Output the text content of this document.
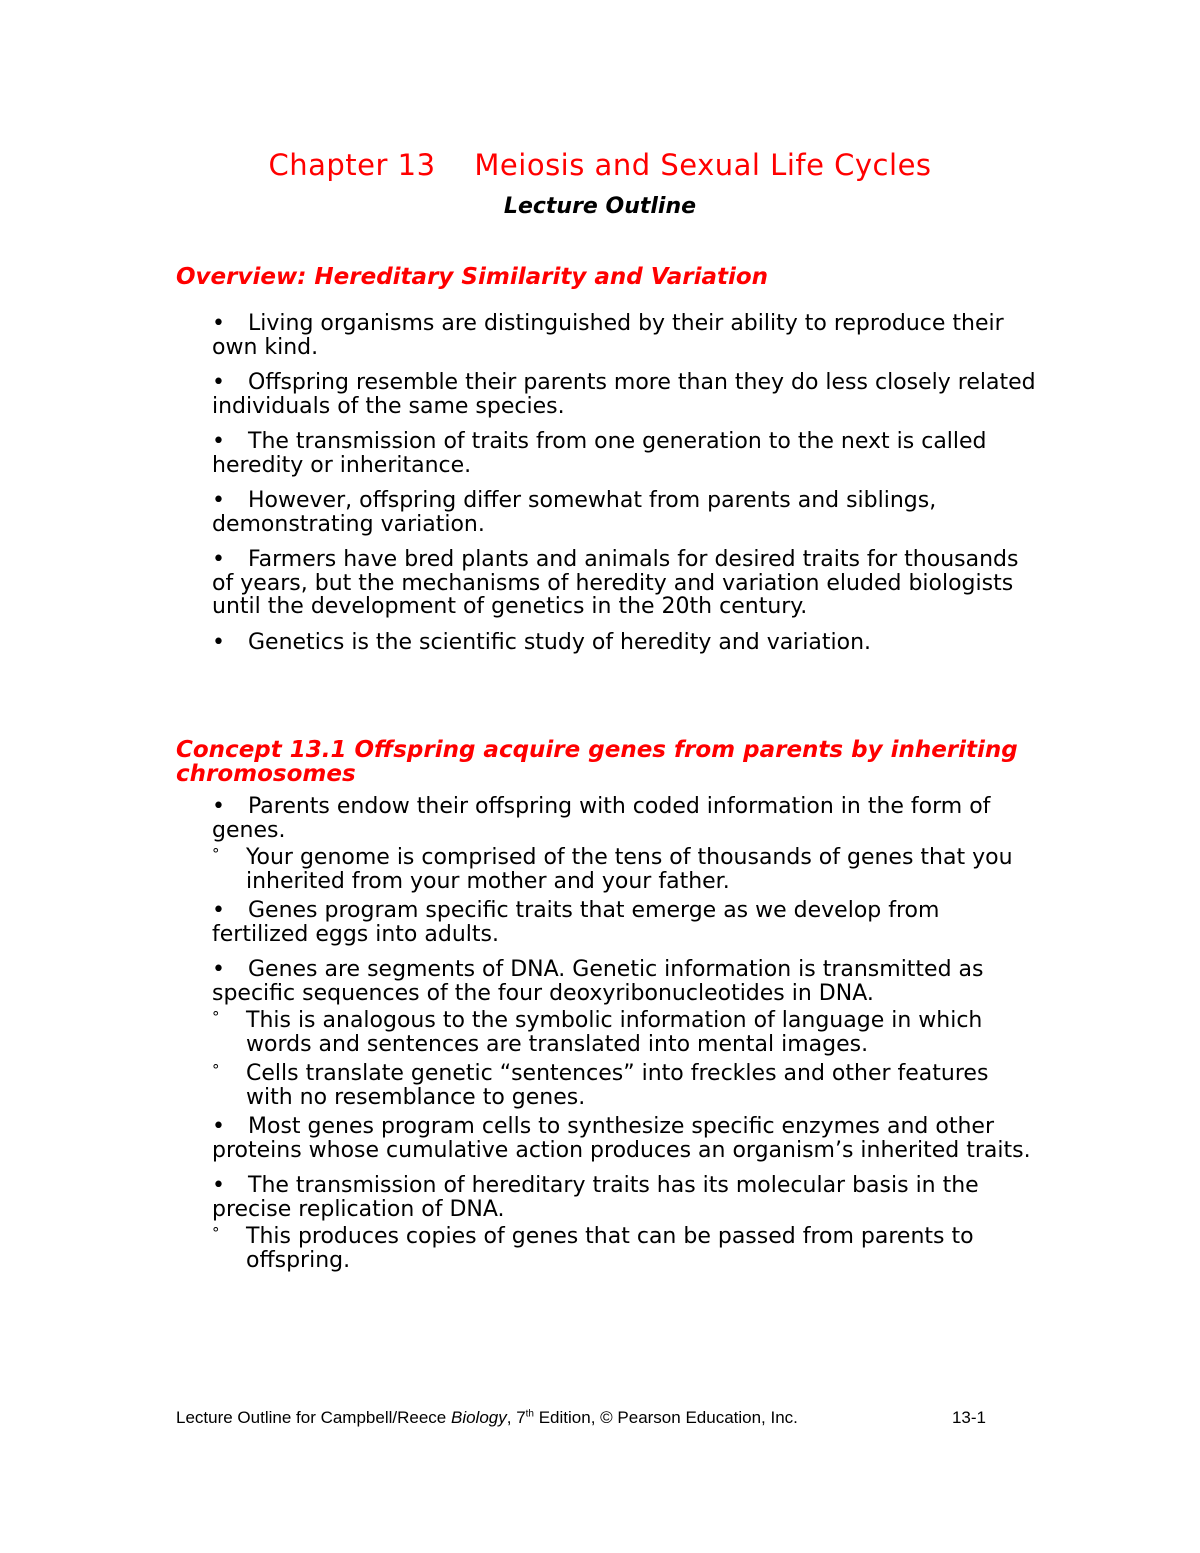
Chapter 13    Meiosis and Sexual Life Cycles
Lecture Outline
Overview: Hereditary Similarity and Variation
• Living organisms are distinguished by their ability to reproduce their own kind.
• Offspring resemble their parents more than they do less closely related individuals of the same species.
• The transmission of traits from one generation to the next is called heredity or inheritance.
• However, offspring differ somewhat from parents and siblings, demonstrating variation.
• Farmers have bred plants and animals for desired traits for thousands of years, but the mechanisms of heredity and variation eluded biologists until the development of genetics in the 20th century.
• Genetics is the scientific study of heredity and variation.
Concept 13.1 Offspring acquire genes from parents by inheriting chromosomes
• Parents endow their offspring with coded information in the form of genes.
°	Your genome is comprised of the tens of thousands of genes that you inherited from your mother and your father.
• Genes program specific traits that emerge as we develop from fertilized eggs into adults.
• Genes are segments of DNA. Genetic information is transmitted as specific sequences of the four deoxyribonucleotides in DNA.
°	This is analogous to the symbolic information of language in which words and sentences are translated into mental images.
°	Cells translate genetic “sentences” into freckles and other features with no resemblance to genes.
• Most genes program cells to synthesize specific enzymes and other proteins whose cumulative action produces an organism’s inherited traits.
• The transmission of hereditary traits has its molecular basis in the precise replication of DNA.
°	This produces copies of genes that can be passed from parents to offspring.
Lecture Outline for Campbell/Reece Biology, 7th Edition, © Pearson Education, Inc.	13-1
